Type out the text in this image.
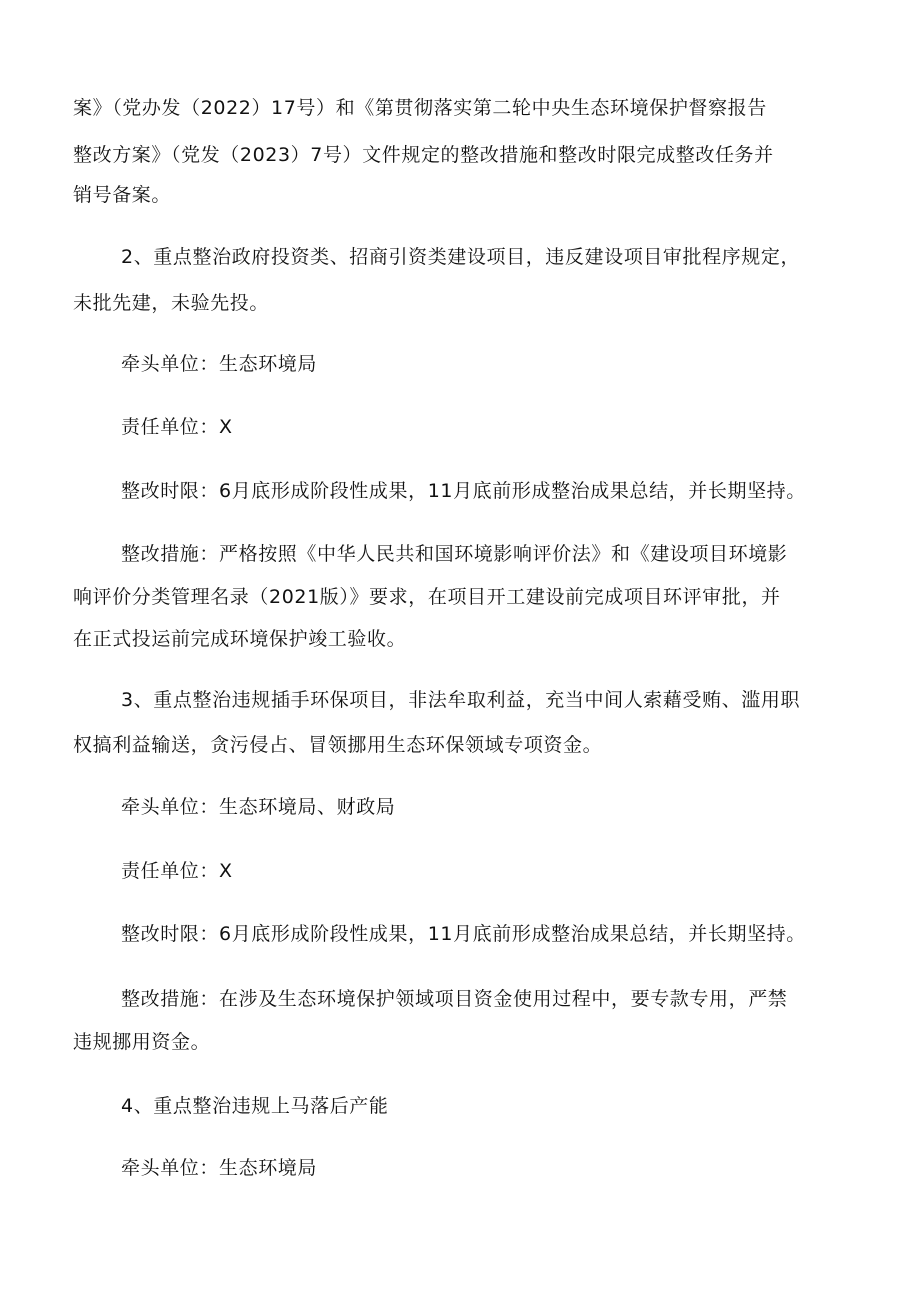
案》（党办发（2022）17号）和《第贯彻落实第二轮中央生态环境保护督察报告
整改方案》（党发（2023）7号）文件规定的整改措施和整改时限完成整改任务并
销号备案。
2、重点整治政府投资类、招商引资类建设项目，违反建设项目审批程序规定，
未批先建，未验先投。
牵头单位：生态环境局
责任单位：X
整改时限：6月底形成阶段性成果，11月底前形成整治成果总结，并长期坚持。
整改措施：严格按照《中华人民共和国环境影响评价法》和《建设项目环境影
响评价分类管理名录（2021版）》要求，在项目开工建设前完成项目环评审批，并
在正式投运前完成环境保护竣工验收。
3、重点整治违规插手环保项目，非法牟取利益，充当中间人索藉受贿、滥用职
权搞利益输送，贪污侵占、冒领挪用生态环保领域专项资金。
牵头单位：生态环境局、财政局
责任单位：X
整改时限：6月底形成阶段性成果，11月底前形成整治成果总结，并长期坚持。
整改措施：在涉及生态环境保护领域项目资金使用过程中，要专款专用，严禁
违规挪用资金。
4、重点整治违规上马落后产能
牵头单位：生态环境局
